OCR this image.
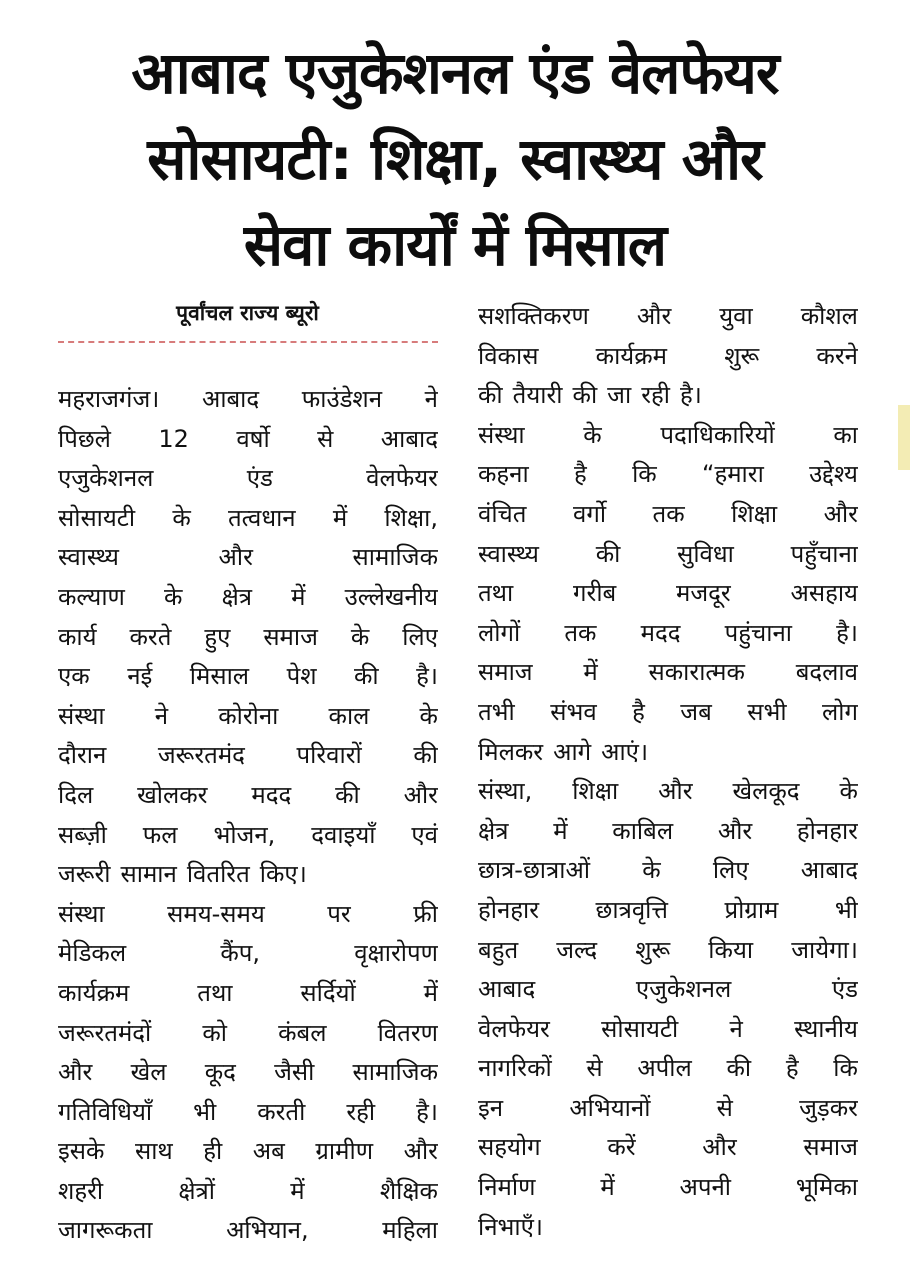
आबाद एजुकेशनल एंड वेलफेयर
सोसायटी: शिक्षा, स्वास्थ्य और
सेवा कार्यों में मिसाल
पूर्वांचल राज्य ब्यूरो
महराजगंज। आबाद फाउंडेशन ने
पिछले 12 वर्षो से आबाद
एजुकेशनल	एंड	वेलफेयर
सोसायटी के तत्वधान में शिक्षा,
स्वास्थ्य	और	सामाजिक
कल्याण के क्षेत्र में उल्लेखनीय
कार्य करते हुए समाज के लिए
एक नई मिसाल पेश की है।
संस्था ने कोरोना काल के
दौरान जरूरतमंद परिवारों की
दिल खोलकर मदद की और
सब्ज़ी फल भोजन, दवाइयाँ एवं
जरूरी सामान वितरित किए।
संस्था	समय-समय	पर	फ्री
मेडिकल	कैंप,	वृक्षारोपण
कार्यक्रम	तथा	सर्दियों	में
जरूरतमंदों को कंबल वितरण
और खेल कूद जैसी सामाजिक
गतिविधियाँ भी करती रही है।
इसके साथ ही अब ग्रामीण और
शहरी	क्षेत्रों	में	शैक्षिक
जागरूकता	अभियान,	महिला
सशक्तिकरण और युवा कौशल
विकास कार्यक्रम शुरू करने
की तैयारी की जा रही है।
संस्था के पदाधिकारियों का
कहना है कि “हमारा उद्देश्य
वंचित वर्गो तक शिक्षा और
स्वास्थ्य की सुविधा पहुँचाना
तथा गरीब मजदूर असहाय
लोगों तक मदद पहुंचाना है।
समाज में सकारात्मक बदलाव
तभी संभव है जब सभी लोग
मिलकर आगे आएं।
संस्था, शिक्षा और खेलकूद के
क्षेत्र में काबिल और होनहार
छात्र-छात्राओं के लिए आबाद
होनहार छात्रवृत्ति प्रोग्राम भी
बहुत जल्द शुरू किया जायेगा।
आबाद	एजुकेशनल	एंड
वेलफेयर सोसायटी ने स्थानीय
नागरिकों से अपील की है कि
इन	अभियानों	से	जुड़कर
सहयोग	करें	और	समाज
निर्माण	में	अपनी	भूमिका
निभाएँ।
